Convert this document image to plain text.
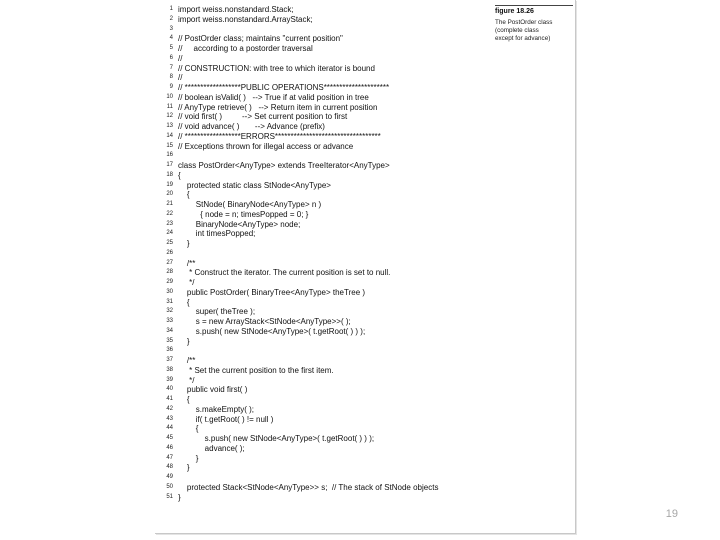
1 import weiss.nonstandard.Stack;
2 import weiss.nonstandard.ArrayStack;
3
4 // PostOrder class; maintains "current position"
5 //     according to a postorder traversal
6 //
7 // CONSTRUCTION: with tree to which iterator is bound
8 //
9 // ******************PUBLIC OPERATIONS*********************
10 // boolean isValid( )   --> True if at valid position in tree
11 // AnyType retrieve( )   --> Return item in current position
12 // void first( )         --> Set current position to first
13 // void advance( )       --> Advance (prefix)
14 // ******************ERRORS**********************************
15 // Exceptions thrown for illegal access or advance
16
17 class PostOrder<AnyType> extends TreeIterator<AnyType>
18 {
19    protected static class StNode<AnyType>
20    {
21        StNode( BinaryNode<AnyType> n )
22          { node = n; timesPopped = 0; }
23        BinaryNode<AnyType> node;
24        int timesPopped;
25    }
26
27    /**
28     * Construct the iterator. The current position is set to null.
29     */
30    public PostOrder( BinaryTree<AnyType> theTree )
31    {
32        super( theTree );
33        s = new ArrayStack<StNode<AnyType>>( );
34        s.push( new StNode<AnyType>( t.getRoot( ) ) );
35    }
36
37    /**
38     * Set the current position to the first item.
39     */
40    public void first( )
41    {
42        s.makeEmpty( );
43        if( t.getRoot( ) != null )
44        {
45            s.push( new StNode<AnyType>( t.getRoot( ) ) );
46            advance( );
47        }
48    }
49
50    protected Stack<StNode<AnyType>> s;  // The stack of StNode objects
51 }
figure 18.26
The PostOrder class
(complete class
except for advance)
19
